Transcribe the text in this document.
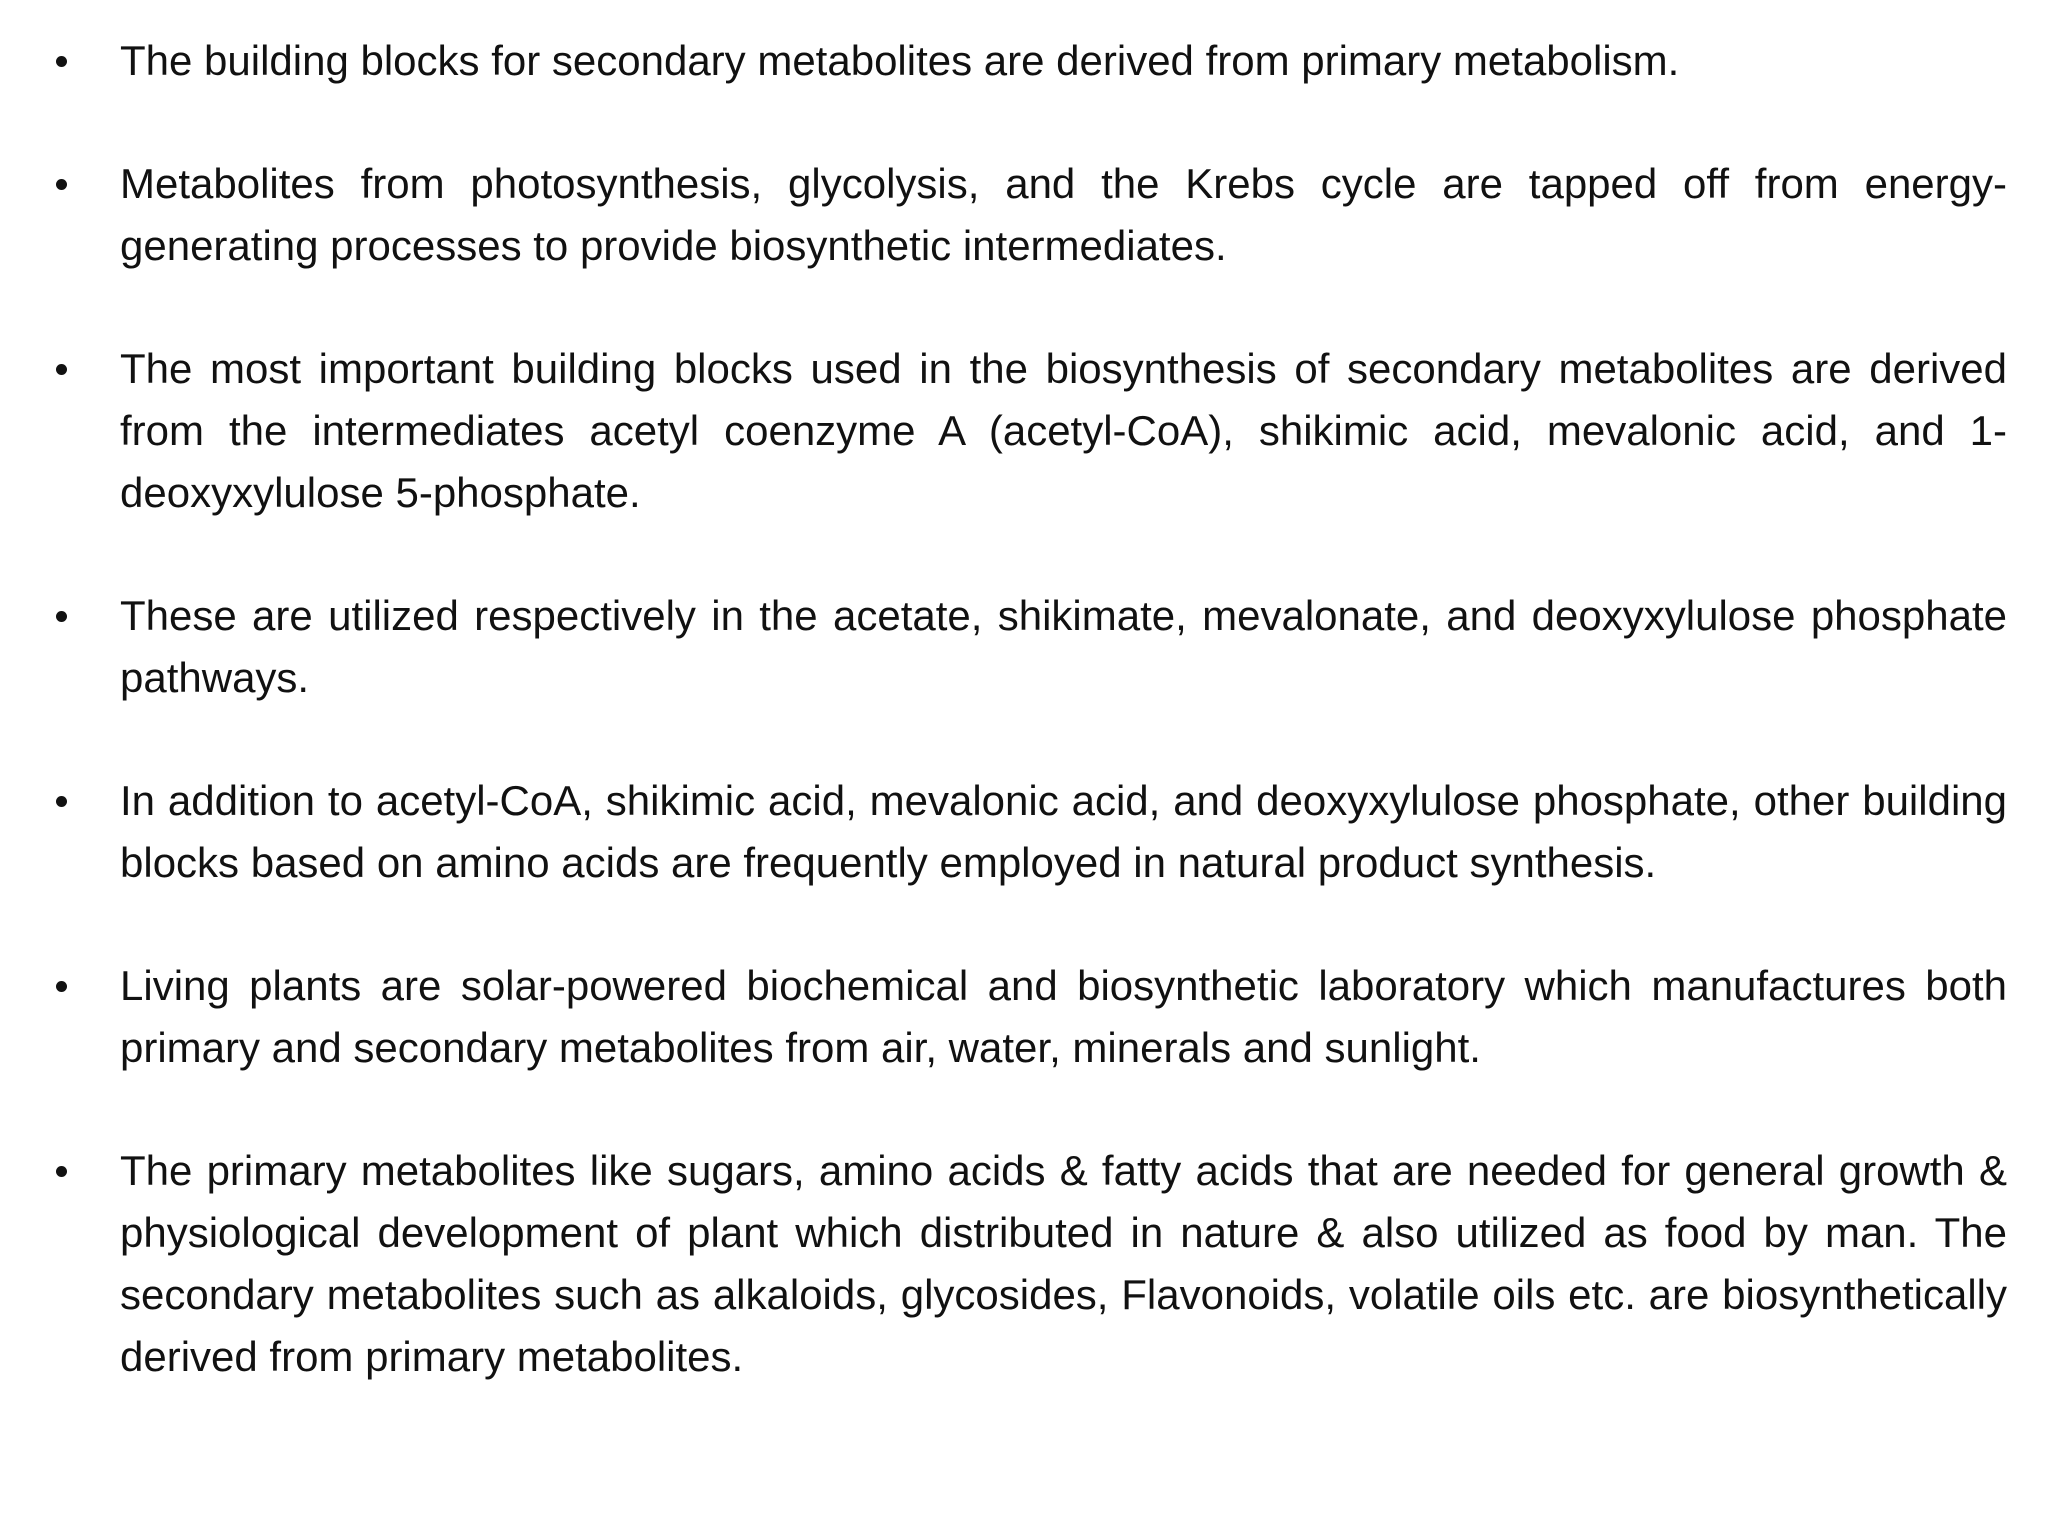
The building blocks for secondary metabolites are derived from primary metabolism.
Metabolites from photosynthesis, glycolysis, and the Krebs cycle are tapped off from energy-generating processes to provide biosynthetic intermediates.
The most important building blocks used in the biosynthesis of secondary metabolites are derived from the intermediates acetyl coenzyme A (acetyl-CoA), shikimic acid, mevalonic acid, and 1-deoxyxylulose 5-phosphate.
These are utilized respectively in the acetate, shikimate, mevalonate, and deoxyxylulose phosphate pathways.
In addition to acetyl-CoA, shikimic acid, mevalonic acid, and deoxyxylulose phosphate, other building blocks based on amino acids are frequently employed in natural product synthesis.
Living plants are solar-powered biochemical and biosynthetic laboratory which manufactures both primary and secondary metabolites from air, water, minerals and sunlight.
The primary metabolites like sugars, amino acids & fatty acids that are needed for general growth & physiological development of plant which distributed in nature & also utilized as food by man. The secondary metabolites such as alkaloids, glycosides, Flavonoids, volatile oils etc. are biosynthetically derived from primary metabolites.
